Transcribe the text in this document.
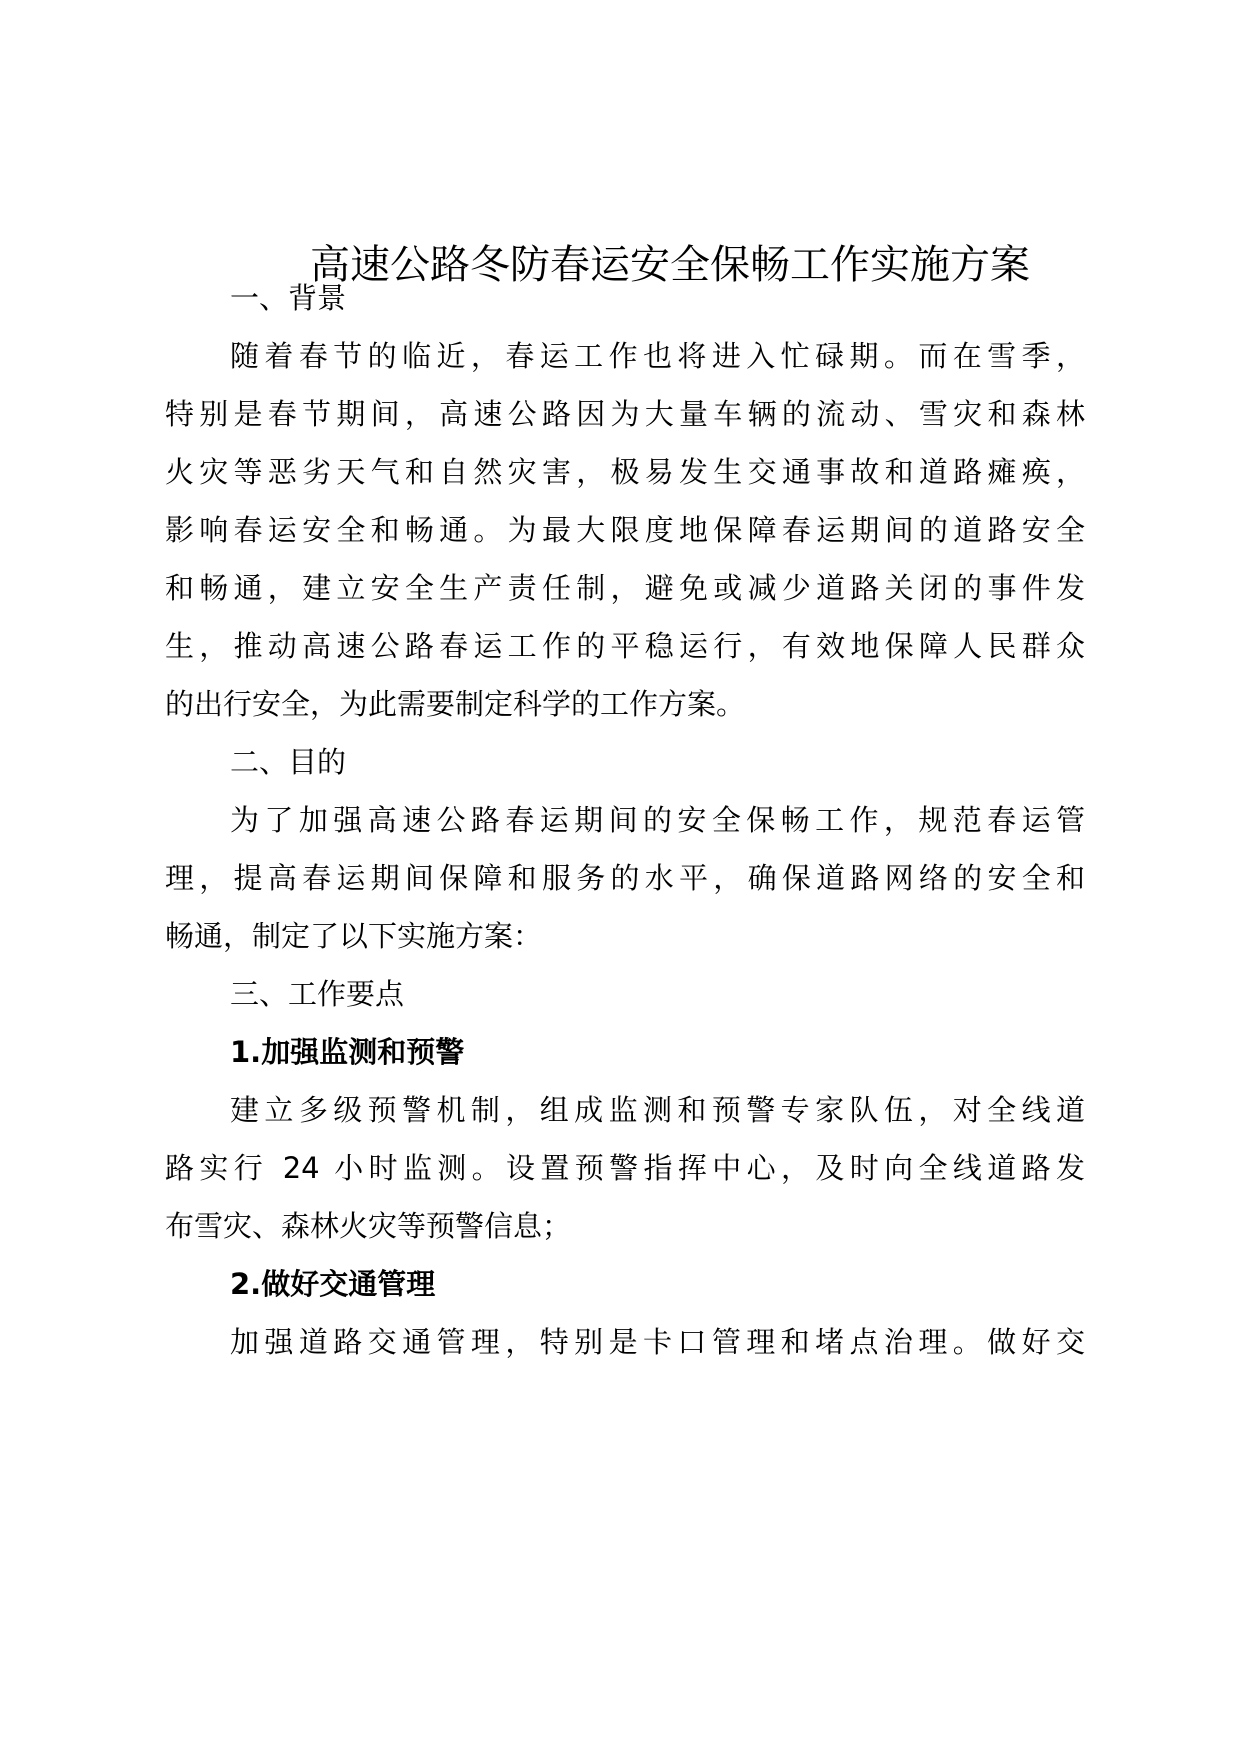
高速公路冬防春运安全保畅工作实施方案
一、背景
随着春节的临近，春运工作也将进入忙碌期。而在雪季，
特别是春节期间，高速公路因为大量车辆的流动、雪灾和森林
火灾等恶劣天气和自然灾害，极易发生交通事故和道路瘫痪，
影响春运安全和畅通。为最大限度地保障春运期间的道路安全
和畅通，建立安全生产责任制，避免或减少道路关闭的事件发
生，推动高速公路春运工作的平稳运行，有效地保障人民群众
的出行安全，为此需要制定科学的工作方案。
二、目的
为了加强高速公路春运期间的安全保畅工作，规范春运管
理，提高春运期间保障和服务的水平，确保道路网络的安全和
畅通，制定了以下实施方案：
三、工作要点
1.加强监测和预警
建立多级预警机制，组成监测和预警专家队伍，对全线道
路实行 24 小时监测。设置预警指挥中心，及时向全线道路发
布雪灾、森林火灾等预警信息；
2.做好交通管理
加强道路交通管理，特别是卡口管理和堵点治理。做好交
